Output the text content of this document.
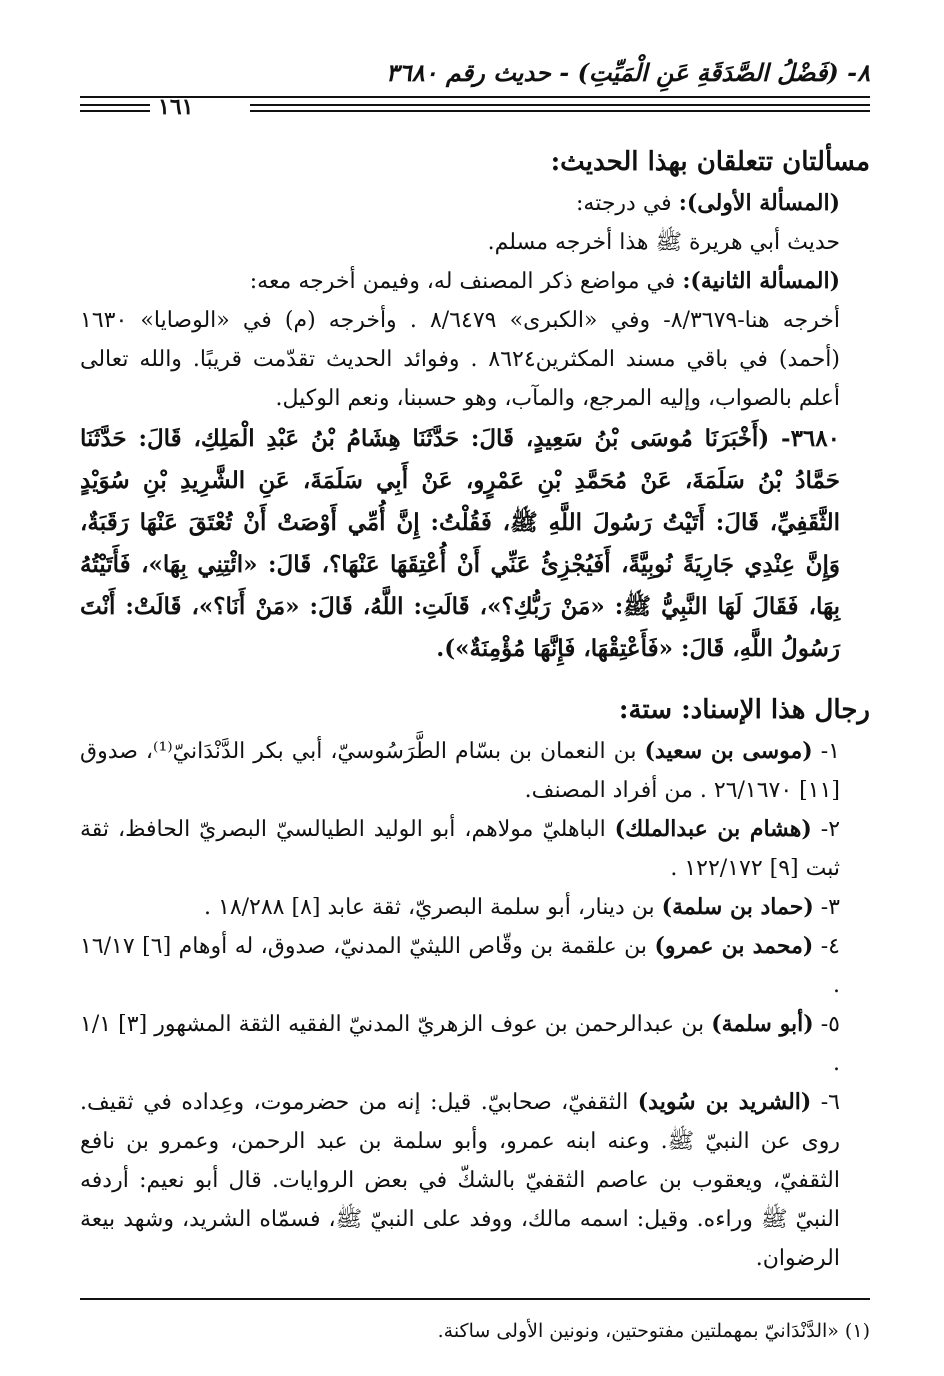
٨- (فَضْلُ الصَّدَقَةِ عَنِ الْمَيِّتِ) - حديث رقم ٣٦٨٠
١٦١
مسألتان تتعلقان بهذا الحديث:

(المسألة الأولى): في درجته:

حديث أبي هريرة ﷺ هذا أخرجه مسلم.

(المسألة الثانية): في مواضع ذكر المصنف له، وفيمن أخرجه معه:

أخرجه هنا-٨/٣٦٧٩- وفي «الكبرى» ٨/٦٤٧٩ . وأخرجه (م) في «الوصايا» ١٦٣٠ (أحمد) في باقي مسند المكثرين٨٦٢٤ . وفوائد الحديث تقدّمت قريبًا. والله تعالى أعلم بالصواب، وإليه المرجع، والمآب، وهو حسبنا، ونعم الوكيل.

٣٦٨٠- (أَخْبَرَنَا مُوسَى بْنُ سَعِيدٍ، قَالَ: حَدَّثَنَا هِشَامُ بْنُ عَبْدِ الْمَلِكِ، قَالَ: حَدَّثَنَا حَمَّادُ بْنُ سَلَمَةَ، عَنْ مُحَمَّدِ بْنِ عَمْرٍو، عَنْ أَبِي سَلَمَةَ، عَنِ الشَّرِيدِ بْنِ سُوَيْدٍ الثَّقَفِيِّ، قَالَ: أَتَيْتُ رَسُولَ اللَّهِ ﷺ، فَقُلْتُ: إِنَّ أُمِّي أَوْصَتْ أَنْ تُعْتَقَ عَنْهَا رَقَبَةٌ، وَإِنَّ عِنْدِي جَارِيَةً نُوبِيَّةً، أَفَيُجْزِئُ عَنِّي أَنْ أُعْتِقَهَا عَنْهَا؟، قَالَ: «ائْتِنِي بِهَا»، فَأَتَيْتُهُ بِهَا، فَقَالَ لَهَا النَّبِيُّ ﷺ: «مَنْ رَبُّكِ؟»، قَالَتِ: اللَّهُ، قَالَ: «مَنْ أَنَا؟»، قَالَتْ: أَنْتَ رَسُولُ اللَّهِ، قَالَ: «فَأَعْتِقْهَا، فَإِنَّهَا مُؤْمِنَةٌ»).

رجال هذا الإسناد: ستة:

١- (موسى بن سعيد) بن النعمان بن بسّام الطَّرَسُوسيّ، أبي بكر الدَّنْدَانيّ⁽¹⁾، صدوق [١١] ٢٦/١٦٧٠ . من أفراد المصنف.

٢- (هشام بن عبدالملك) الباهليّ مولاهم، أبو الوليد الطيالسيّ البصريّ الحافظ، ثقة ثبت [٩] ١٢٢/١٧٢ .

٣- (حماد بن سلمة) بن دينار، أبو سلمة البصريّ، ثقة عابد [٨] ١٨/٢٨٨ .

٤- (محمد بن عمرو) بن علقمة بن وقّاص الليثيّ المدنيّ، صدوق، له أوهام [٦] ١٦/١٧ .

٥- (أبو سلمة) بن عبدالرحمن بن عوف الزهريّ المدنيّ الفقيه الثقة المشهور [٣] ١/١ .

٦- (الشريد بن سُويد) الثقفيّ، صحابيّ. قيل: إنه من حضرموت، وعِداده في ثقيف. روى عن النبيّ ﷺ. وعنه ابنه عمرو، وأبو سلمة بن عبد الرحمن، وعمرو بن نافع الثقفيّ، ويعقوب بن عاصم الثقفيّ بالشكّ في بعض الروايات. قال أبو نعيم: أردفه النبيّ ﷺ وراءه. وقيل: اسمه مالك، ووفد على النبيّ ﷺ، فسمّاه الشريد، وشهد بيعة الرضوان.

(١) «الدَّنْدَانيّ بمهملتين مفتوحتين، ونونين الأولى ساكنة.
